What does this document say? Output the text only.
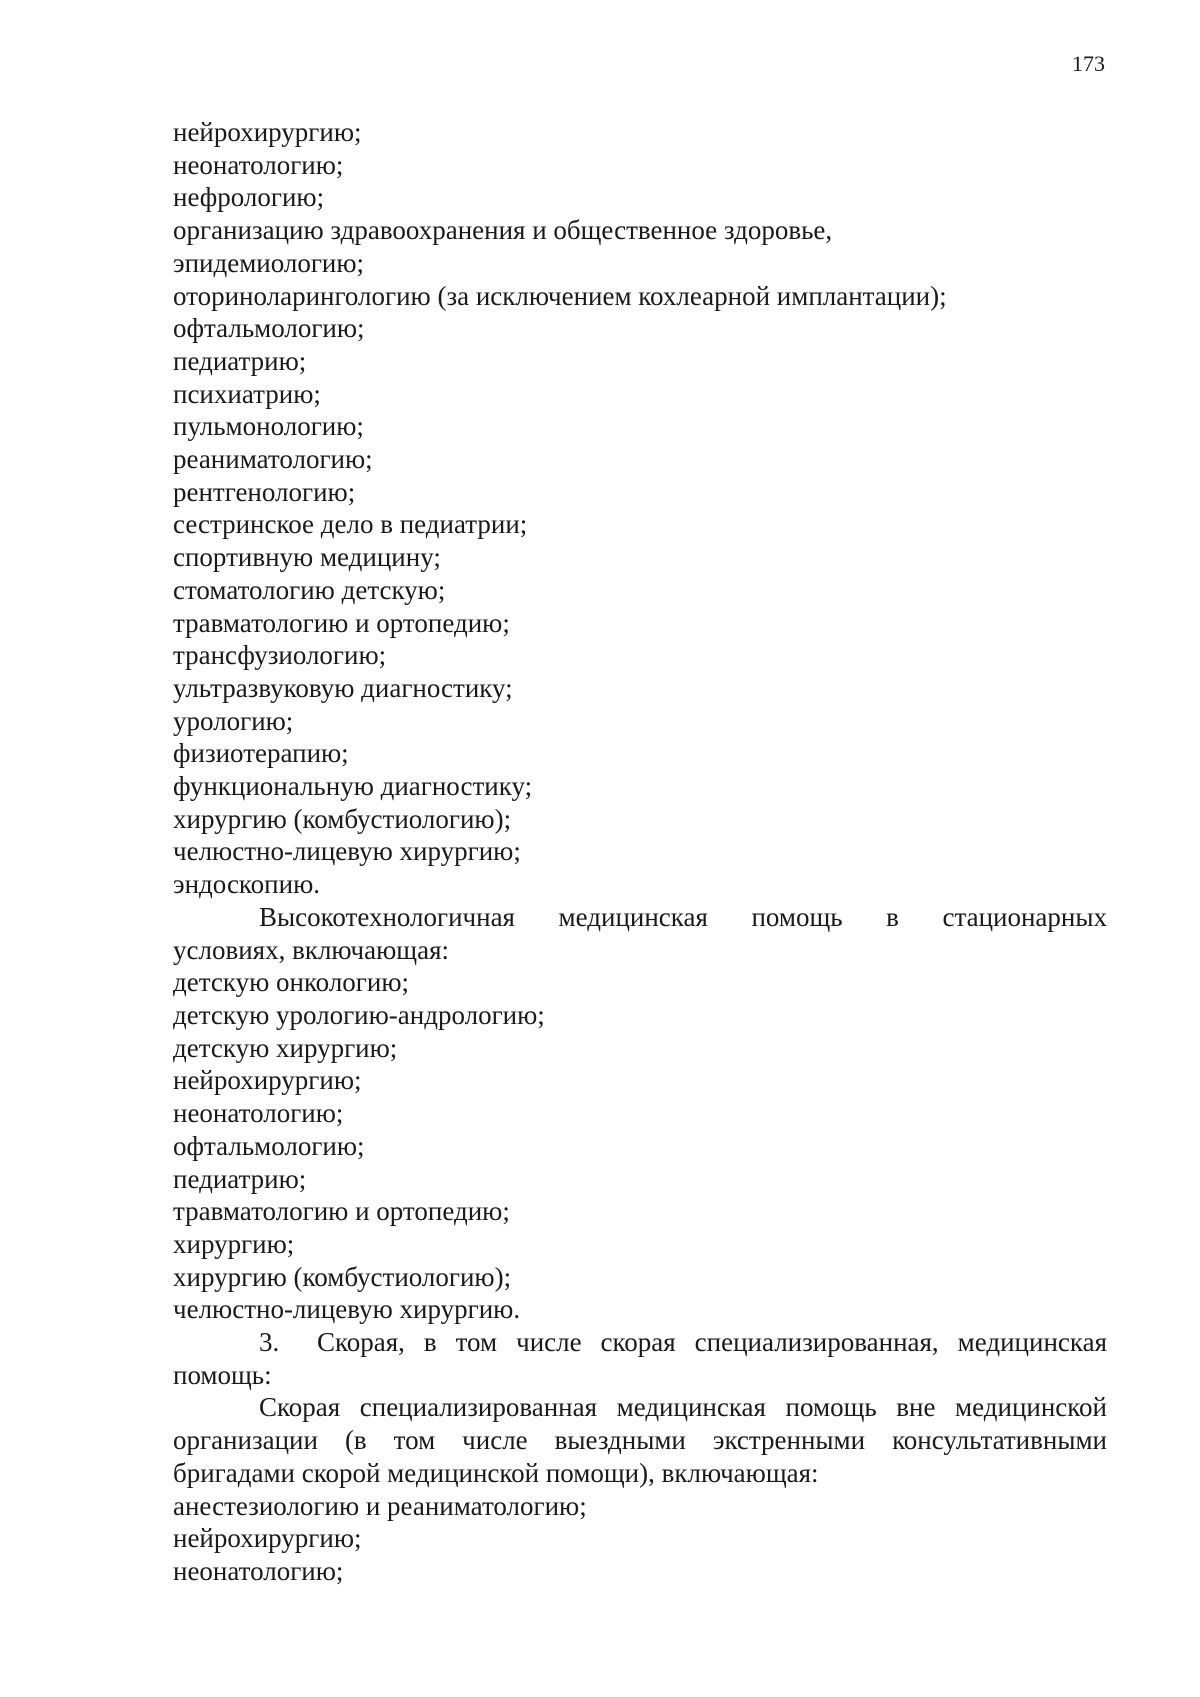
173
нейрохирургию;
неонатологию;
нефрологию;
организацию здравоохранения и общественное здоровье,
эпидемиологию;
оториноларингологию (за исключением кохлеарной имплантации);
офтальмологию;
педиатрию;
психиатрию;
пульмонологию;
реаниматологию;
рентгенологию;
сестринское дело в педиатрии;
спортивную медицину;
стоматологию детскую;
травматологию и ортопедию;
трансфузиологию;
ультразвуковую диагностику;
урологию;
физиотерапию;
функциональную диагностику;
хирургию (комбустиологию);
челюстно-лицевую хирургию;
эндоскопию.
Высокотехнологичная медицинская помощь в стационарных
условиях, включающая:
детскую онкологию;
детскую урологию-андрологию;
детскую хирургию;
нейрохирургию;
неонатологию;
офтальмологию;
педиатрию;
травматологию и ортопедию;
хирургию;
хирургию (комбустиологию);
челюстно-лицевую хирургию.
3. Скорая, в том числе скорая специализированная, медицинская
помощь:
Скорая специализированная медицинская помощь вне медицинской
организации (в том числе выездными экстренными консультативными
бригадами скорой медицинской помощи), включающая:
анестезиологию и реаниматологию;
нейрохирургию;
неонатологию;
